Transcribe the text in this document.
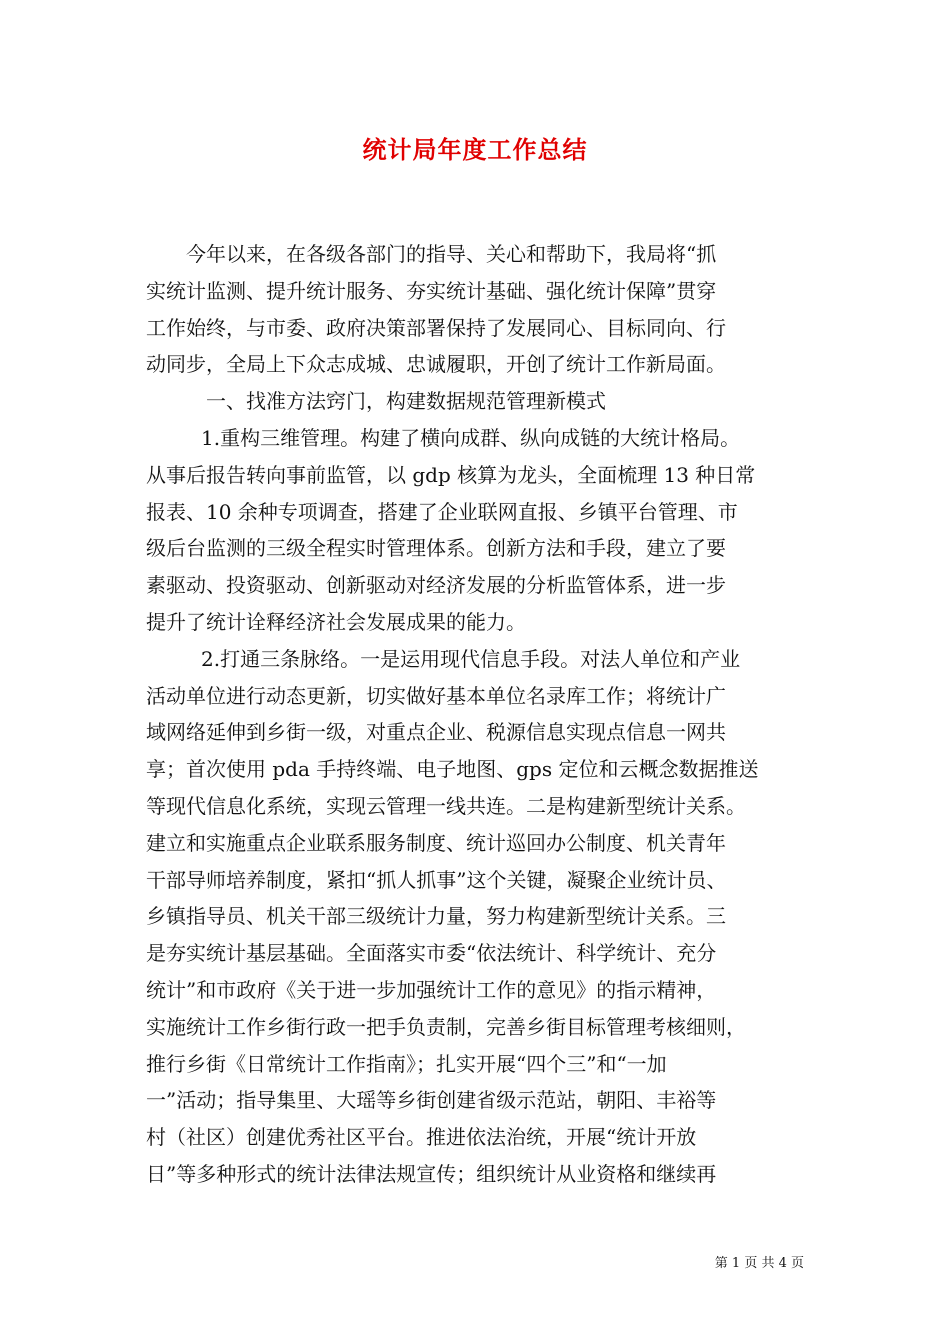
统计局年度工作总结
今年以来，在各级各部门的指导、关心和帮助下，我局将“抓
实统计监测、提升统计服务、夯实统计基础、强化统计保障”贯穿
工作始终，与市委、政府决策部署保持了发展同心、目标同向、行
动同步，全局上下众志成城、忠诚履职，开创了统计工作新局面。
一、找准方法窍门，构建数据规范管理新模式
1.重构三维管理。构建了横向成群、纵向成链的大统计格局。
从事后报告转向事前监管，以 gdp 核算为龙头，全面梳理 13 种日常
报表、10 余种专项调查，搭建了企业联网直报、乡镇平台管理、市
级后台监测的三级全程实时管理体系。创新方法和手段，建立了要
素驱动、投资驱动、创新驱动对经济发展的分析监管体系，进一步
提升了统计诠释经济社会发展成果的能力。
2.打通三条脉络。一是运用现代信息手段。对法人单位和产业
活动单位进行动态更新，切实做好基本单位名录库工作；将统计广
域网络延伸到乡街一级，对重点企业、税源信息实现点信息一网共
享；首次使用 pda 手持终端、电子地图、gps 定位和云概念数据推送
等现代信息化系统，实现云管理一线共连。二是构建新型统计关系。
建立和实施重点企业联系服务制度、统计巡回办公制度、机关青年
干部导师培养制度，紧扣“抓人抓事”这个关键，凝聚企业统计员、
乡镇指导员、机关干部三级统计力量，努力构建新型统计关系。三
是夯实统计基层基础。全面落实市委“依法统计、科学统计、充分
统计”和市政府《关于进一步加强统计工作的意见》的指示精神，
实施统计工作乡街行政一把手负责制，完善乡街目标管理考核细则，
推行乡街《日常统计工作指南》；扎实开展“四个三”和“一加
一”活动；指导集里、大瑶等乡街创建省级示范站，朝阳、丰裕等
村（社区）创建优秀社区平台。推进依法治统，开展“统计开放
日”等多种形式的统计法律法规宣传；组织统计从业资格和继续再
第 1 页 共 4 页
